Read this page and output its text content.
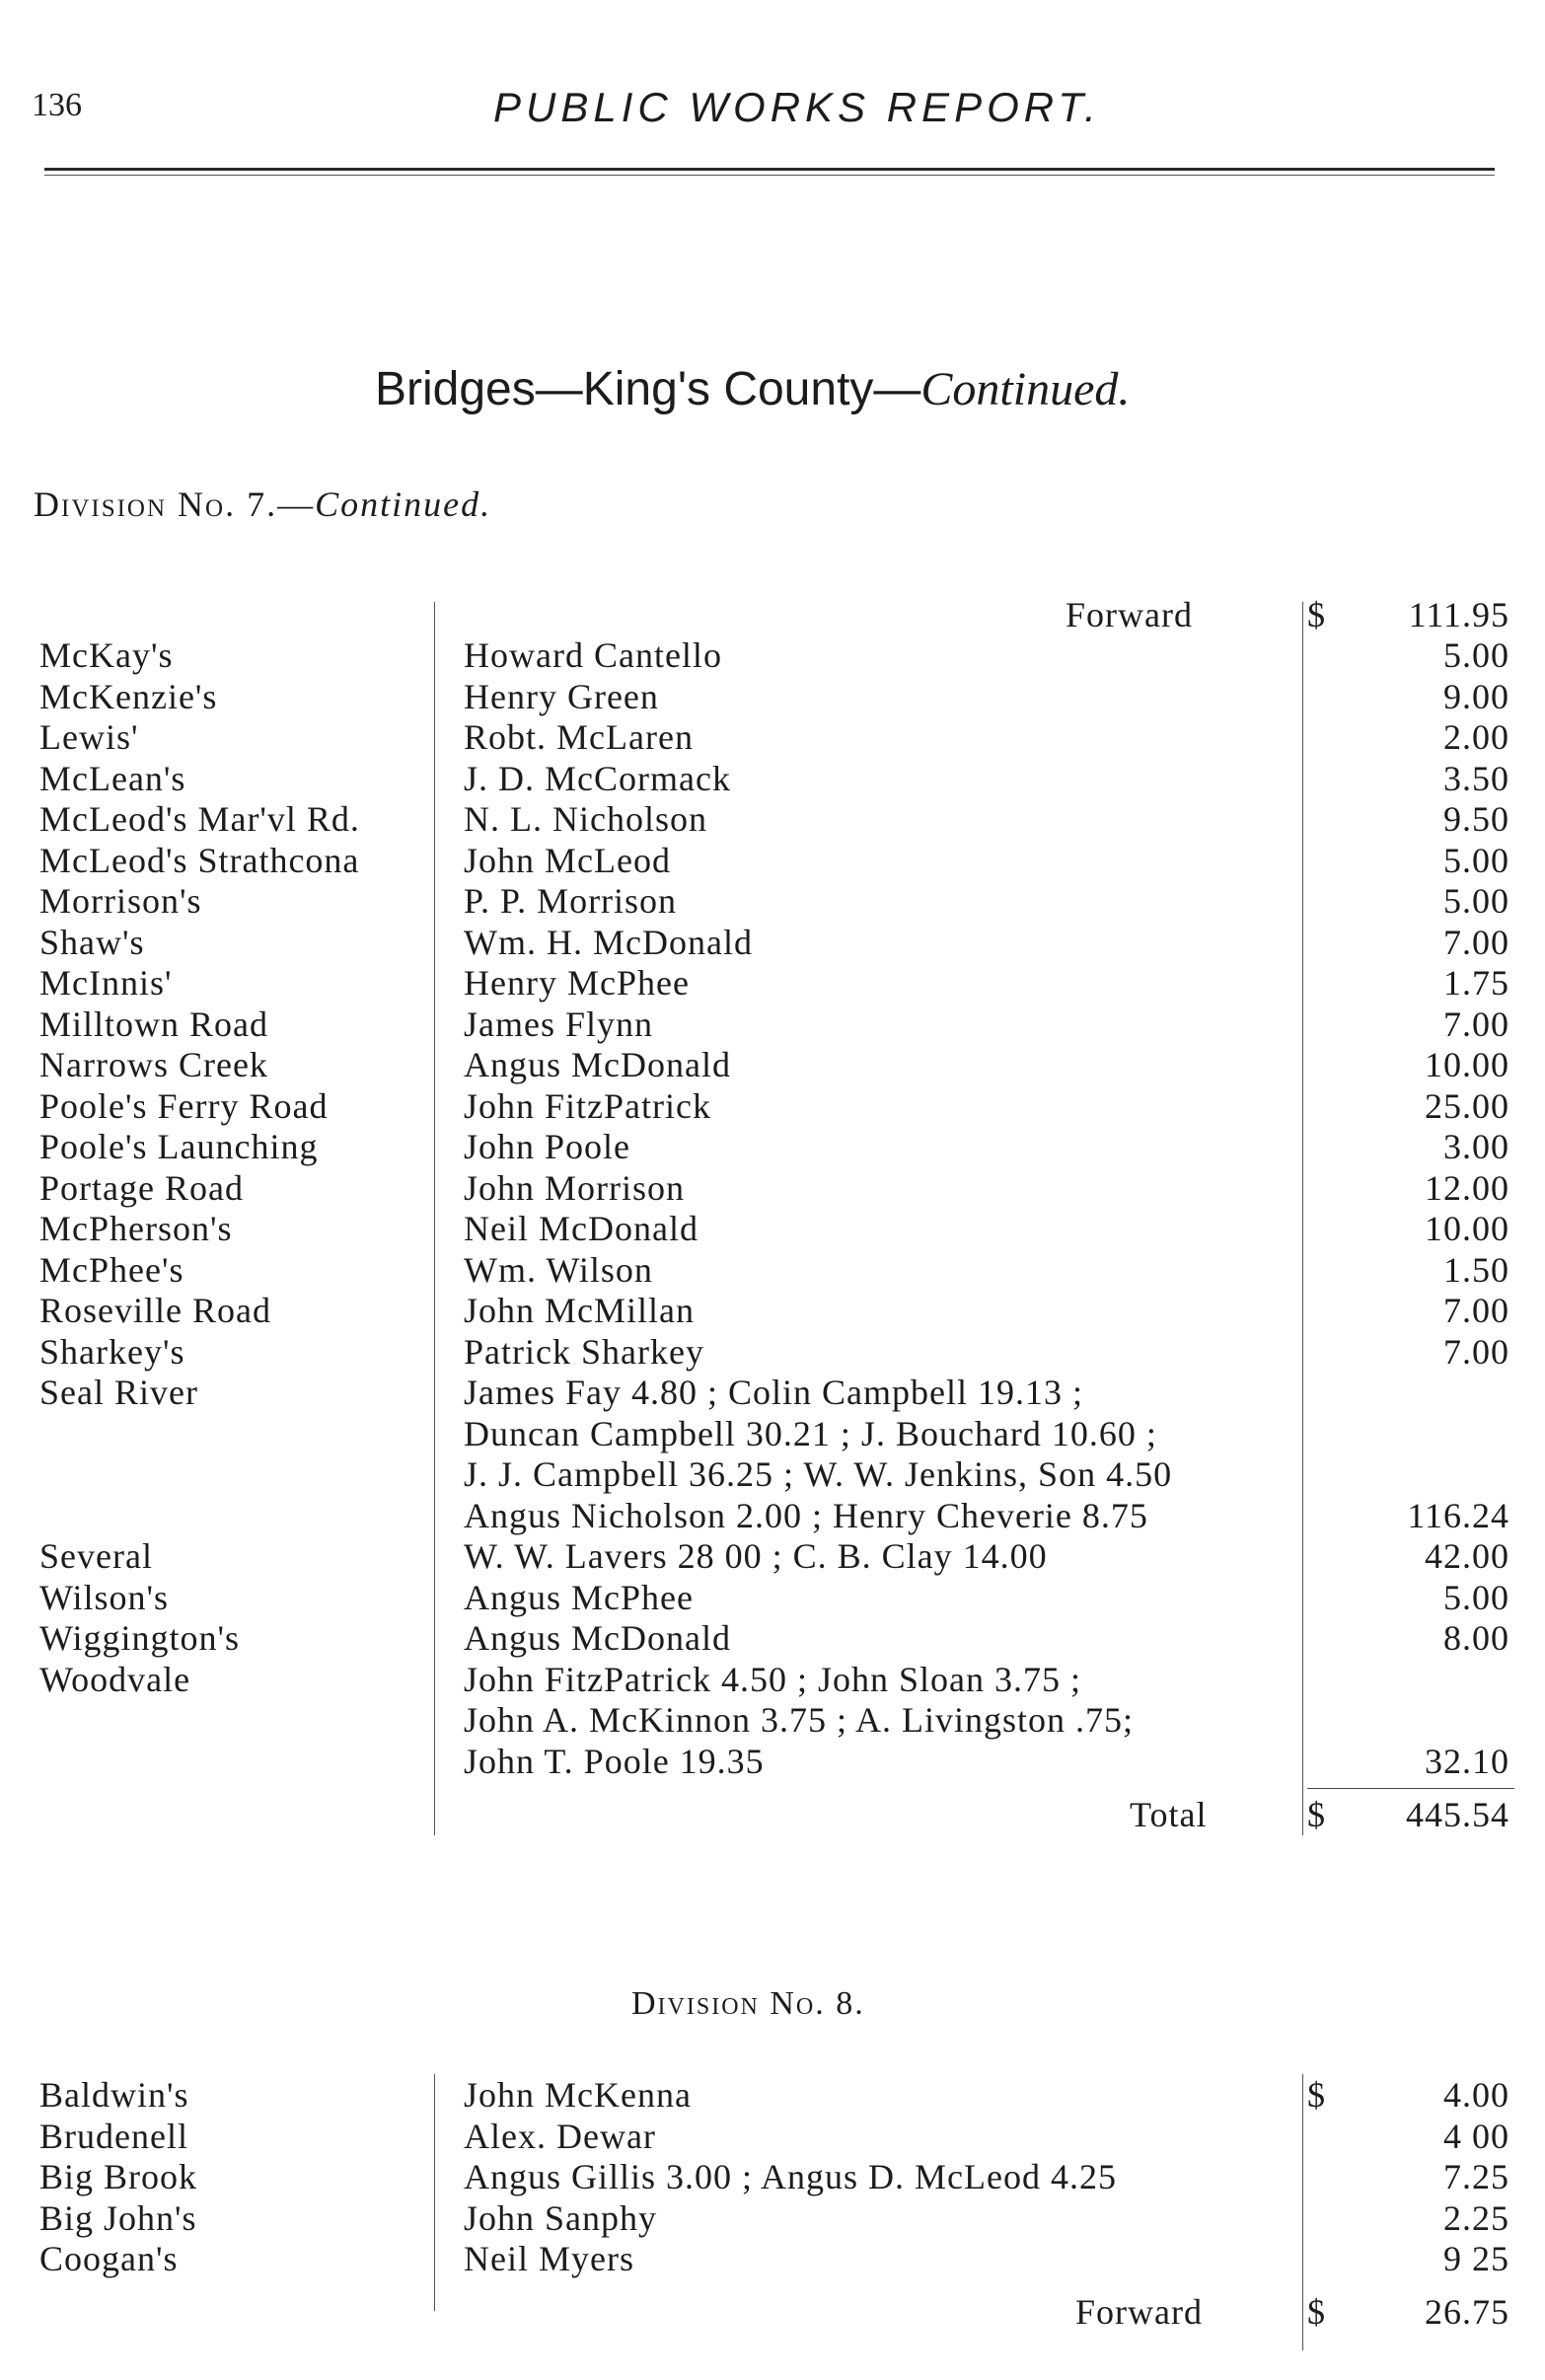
136	PUBLIC WORKS REPORT.
Bridges—King's County—Continued.
Division No. 7.—Continued.
Forward	$ 111.95
McKay's	Howard Cantello	5.00
McKenzie's	Henry Green	9.00
Lewis'	Robt. McLaren	2.00
McLean's	J. D. McCormack	3.50
McLeod's Mar'vl Rd.	N. L. Nicholson	9.50
McLeod's Strathcona	John McLeod	5.00
Morrison's	P. P. Morrison	5.00
Shaw's	Wm. H. McDonald	7.00
McInnis'	Henry McPhee	1.75
Milltown Road	James Flynn	7.00
Narrows Creek	Angus McDonald	10.00
Poole's Ferry Road	John FitzPatrick	25.00
Poole's Launching	John Poole	3.00
Portage Road	John Morrison	12.00
McPherson's	Neil McDonald	10.00
McPhee's	Wm. Wilson	1.50
Roseville Road	John McMillan	7.00
Sharkey's	Patrick Sharkey	7.00
Seal River	James Fay 4.80 ; Colin Campbell 19.13 ;
Duncan Campbell 30.21 ; J. Bouchard 10.60 ;
J. J. Campbell 36.25 ; W. W. Jenkins, Son 4.50
Angus Nicholson 2.00 ; Henry Cheverie 8.75	116.24
Several	W. W. Lavers 28 00 ; C. B. Clay 14.00	42.00
Wilson's	Angus McPhee	5.00
Wiggington's	Angus McDonald	8.00
Woodvale	John FitzPatrick 4.50 ; John Sloan 3.75 ;
John A. McKinnon 3.75 ; A. Livingston .75;
John T. Poole 19.35	32.10
Total	$ 445.54
Division No. 8.
$
Baldwin's	John McKenna	4.00
Brudenell	Alex. Dewar	4 00
Big Brook	Angus Gillis 3.00 ; Angus D. McLeod 4.25	7.25
Big John's	John Sanphy	2.25
Coogan's	Neil Myers	9 25
Forward	$	26.75
